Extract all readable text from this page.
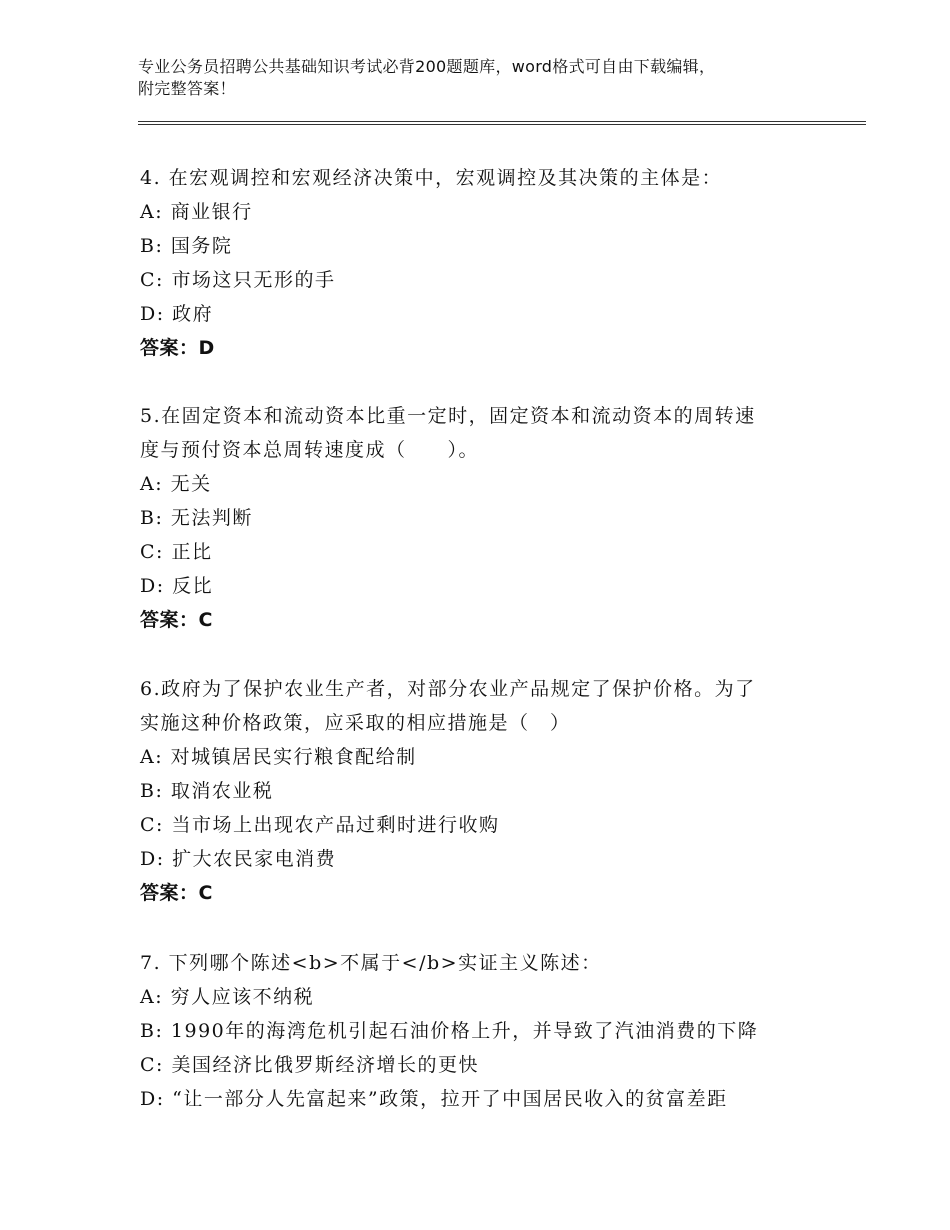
专业公务员招聘公共基础知识考试必背200题题库，word格式可自由下载编辑，
附完整答案！
4. 在宏观调控和宏观经济决策中，宏观调控及其决策的主体是：
A: 商业银行
B: 国务院
C: 市场这只无形的手
D: 政府
答案：D
5.在固定资本和流动资本比重一定时，固定资本和流动资本的周转速
度与预付资本总周转速度成（　　）。
A: 无关
B: 无法判断
C: 正比
D: 反比
答案：C
6.政府为了保护农业生产者，对部分农业产品规定了保护价格。为了
实施这种价格政策，应采取的相应措施是（　）
A: 对城镇居民实行粮食配给制
B: 取消农业税
C: 当市场上出现农产品过剩时进行收购
D: 扩大农民家电消费
答案：C
7. 下列哪个陈述<b>不属于</b>实证主义陈述：
A: 穷人应该不纳税
B: 1990年的海湾危机引起石油价格上升，并导致了汽油消费的下降
C: 美国经济比俄罗斯经济增长的更快
D: “让一部分人先富起来”政策，拉开了中国居民收入的贫富差距
